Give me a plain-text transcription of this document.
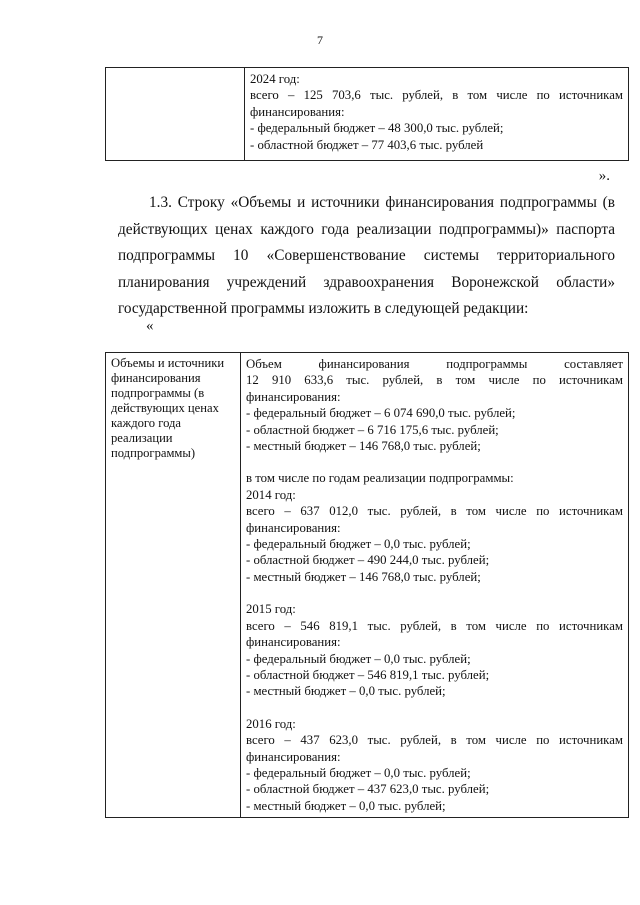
7

2024 год:
всего – 125 703,6 тыс. рублей, в том числе по источникам
финансирования:
- федеральный бюджет – 48 300,0 тыс. рублей;
- областной бюджет – 77 403,6 тыс. рублей
».
1.3. Строку «Объемы и источники финансирования подпрограммы (в
действующих ценах каждого года реализации подпрограммы)» паспорта
подпрограммы 10 «Совершенствование системы территориального
планирования учреждений здравоохранения Воронежской области»
государственной программы изложить в следующей редакции:
«
Объемы и источники финансирования подпрограммы (в действующих ценах каждого года реализации подпрограммы)	
Объем финансирования подпрограммы составляет
12 910 633,6 тыс. рублей, в том числе по источникам
финансирования:
- федеральный бюджет – 6 074 690,0 тыс. рублей;
- областной бюджет – 6 716 175,6 тыс. рублей;
- местный бюджет – 146 768,0 тыс. рублей;
в том числе по годам реализации подпрограммы:
2014 год:
всего – 637 012,0 тыс. рублей, в том числе по источникам
финансирования:
- федеральный бюджет – 0,0 тыс. рублей;
- областной бюджет – 490 244,0 тыс. рублей;
- местный бюджет – 146 768,0 тыс. рублей;
2015 год:
всего – 546 819,1 тыс. рублей, в том числе по источникам
финансирования:
- федеральный бюджет – 0,0 тыс. рублей;
- областной бюджет – 546 819,1 тыс. рублей;
- местный бюджет – 0,0 тыс. рублей;
2016 год:
всего – 437 623,0 тыс. рублей, в том числе по источникам
финансирования:
- федеральный бюджет – 0,0 тыс. рублей;
- областной бюджет – 437 623,0 тыс. рублей;
- местный бюджет – 0,0 тыс. рублей;
